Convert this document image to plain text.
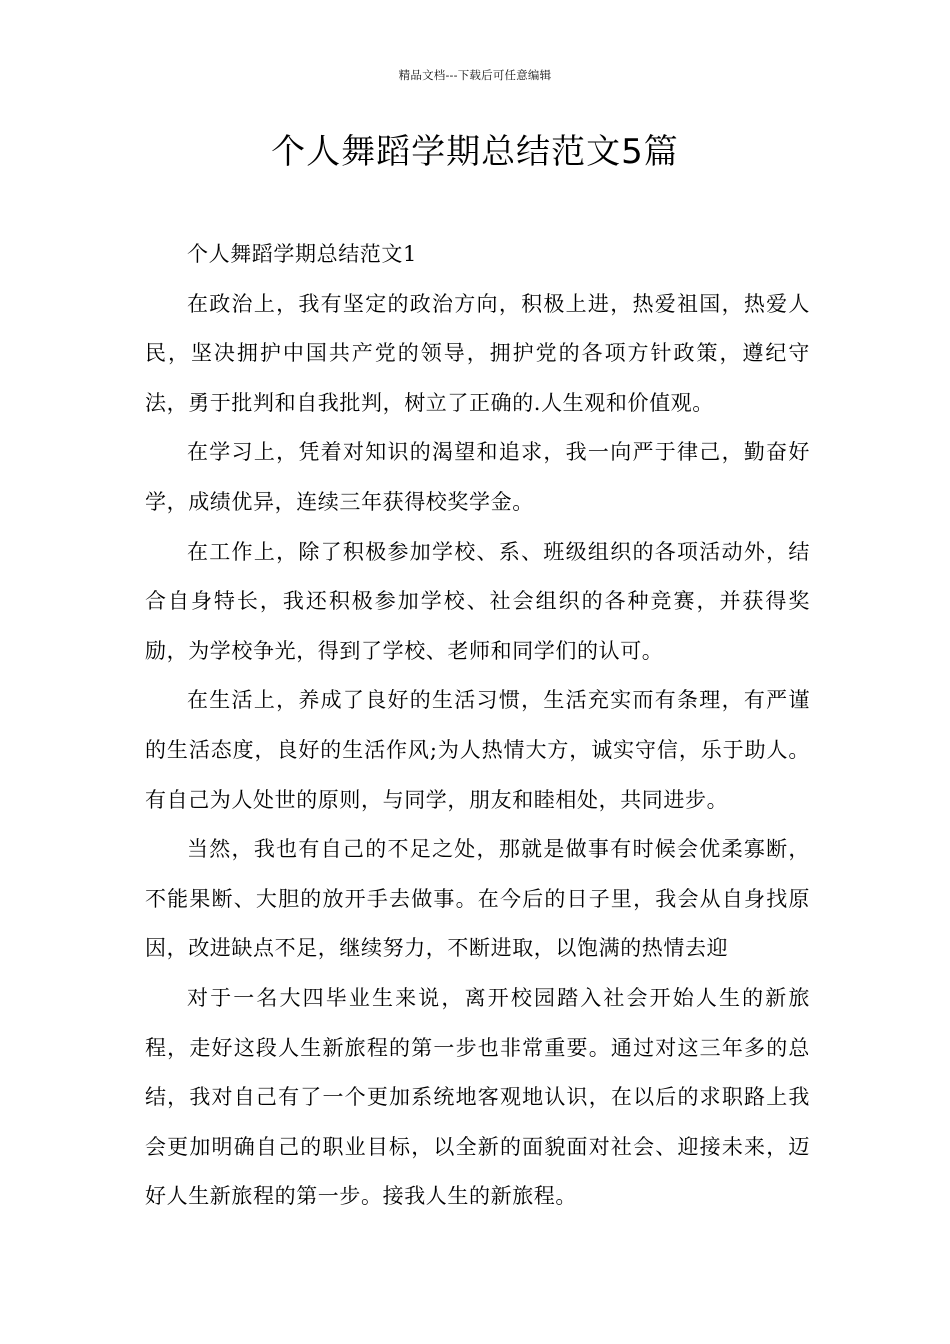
精品文档---下载后可任意编辑
个人舞蹈学期总结范文5篇

个人舞蹈学期总结范文1

在政治上，我有坚定的政治方向，积极上进，热爱祖国，热爱人民，坚决拥护中国共产党的领导，拥护党的各项方针政策，遵纪守法，勇于批判和自我批判，树立了正确的.人生观和价值观。

在学习上，凭着对知识的渴望和追求，我一向严于律己，勤奋好学，成绩优异，连续三年获得校奖学金。

在工作上，除了积极参加学校、系、班级组织的各项活动外，结合自身特长，我还积极参加学校、社会组织的各种竞赛，并获得奖励，为学校争光，得到了学校、老师和同学们的认可。

在生活上，养成了良好的生活习惯，生活充实而有条理，有严谨的生活态度，良好的生活作风;为人热情大方，诚实守信，乐于助人。有自己为人处世的原则，与同学，朋友和睦相处，共同进步。

当然，我也有自己的不足之处，那就是做事有时候会优柔寡断，不能果断、大胆的放开手去做事。在今后的日子里，我会从自身找原因，改进缺点不足，继续努力，不断进取，以饱满的热情去迎

对于一名大四毕业生来说，离开校园踏入社会开始人生的新旅程，走好这段人生新旅程的第一步也非常重要。通过对这三年多的总结，我对自己有了一个更加系统地客观地认识，在以后的求职路上我会更加明确自己的职业目标，以全新的面貌面对社会、迎接未来，迈好人生新旅程的第一步。接我人生的新旅程。
